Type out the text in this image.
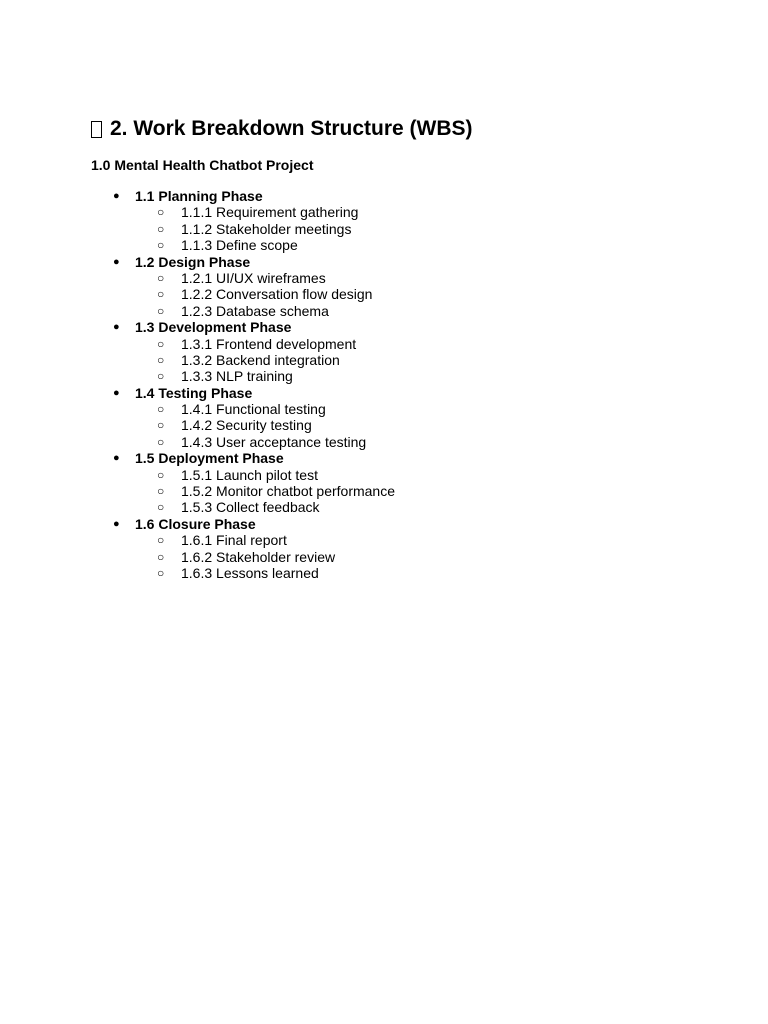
2. Work Breakdown Structure (WBS)
1.0 Mental Health Chatbot Project
● 1.1 Planning Phase
○ 1.1.1 Requirement gathering
○ 1.1.2 Stakeholder meetings
○ 1.1.3 Define scope
● 1.2 Design Phase
○ 1.2.1 UI/UX wireframes
○ 1.2.2 Conversation flow design
○ 1.2.3 Database schema
● 1.3 Development Phase
○ 1.3.1 Frontend development
○ 1.3.2 Backend integration
○ 1.3.3 NLP training
● 1.4 Testing Phase
○ 1.4.1 Functional testing
○ 1.4.2 Security testing
○ 1.4.3 User acceptance testing
● 1.5 Deployment Phase
○ 1.5.1 Launch pilot test
○ 1.5.2 Monitor chatbot performance
○ 1.5.3 Collect feedback
● 1.6 Closure Phase
○ 1.6.1 Final report
○ 1.6.2 Stakeholder review
○ 1.6.3 Lessons learned
